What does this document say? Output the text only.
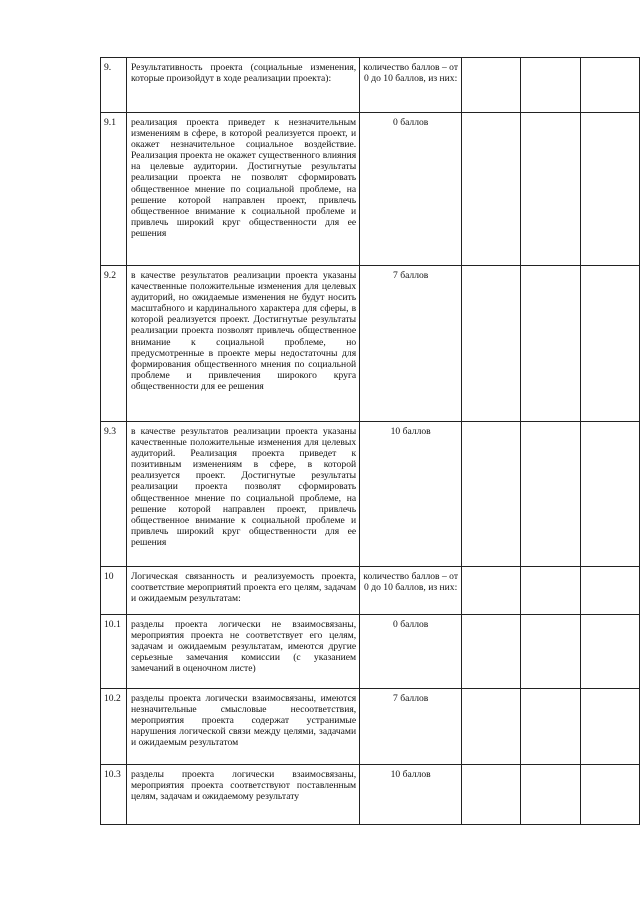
9.	Результативность проекта (социальные изменения, которые произойдут в ходе реализации проекта):	количество баллов – от 0 до 10 баллов, из них:			
9.1	реализация проекта приведет к незначительным изменениям в сфере, в которой реализуется проект, и окажет незначительное социальное воздействие. Реализация проекта не окажет существенного влияния на целевые аудитории. Достигнутые результаты реализации проекта не позволят сформировать общественное мнение по социальной проблеме, на решение которой направлен проект, привлечь общественное внимание к социальной проблеме и привлечь широкий круг общественности для ее решения	0 баллов			
9.2	в качестве результатов реализации проекта указаны качественные положительные изменения для целевых аудиторий, но ожидаемые изменения не будут носить масштабного и кардинального характера для сферы, в которой реализуется проект. Достигнутые результаты реализации проекта позволят привлечь общественное внимание к социальной проблеме, но предусмотренные в проекте меры недостаточны для формирования общественного мнения по социальной проблеме и привлечения широкого круга общественности для ее решения	7 баллов			
9.3	в качестве результатов реализации проекта указаны качественные положительные изменения для целевых аудиторий. Реализация проекта приведет к позитивным изменениям в сфере, в которой реализуется проект. Достигнутые результаты реализации проекта позволят сформировать общественное мнение по социальной проблеме, на решение которой направлен проект, привлечь общественное внимание к социальной проблеме и привлечь широкий круг общественности для ее решения	10 баллов			
10	Логическая связанность и реализуемость проекта, соответствие мероприятий проекта его целям, задачам и ожидаемым результатам:	количество баллов – от 0 до 10 баллов, из них:			
10.1	разделы проекта логически не взаимосвязаны, мероприятия проекта не соответствует его целям, задачам и ожидаемым результатам, имеются другие серьезные замечания комиссии (с указанием замечаний в оценочном листе)	0 баллов			
10.2	разделы проекта логически взаимосвязаны, имеются незначительные смысловые несоответствия, мероприятия проекта содержат устранимые нарушения логической связи между целями, задачами и ожидаемым результатом	7 баллов			
10.3	разделы проекта логически взаимосвязаны, мероприятия проекта соответствуют поставленным целям, задачам и ожидаемому результату	10 баллов			
